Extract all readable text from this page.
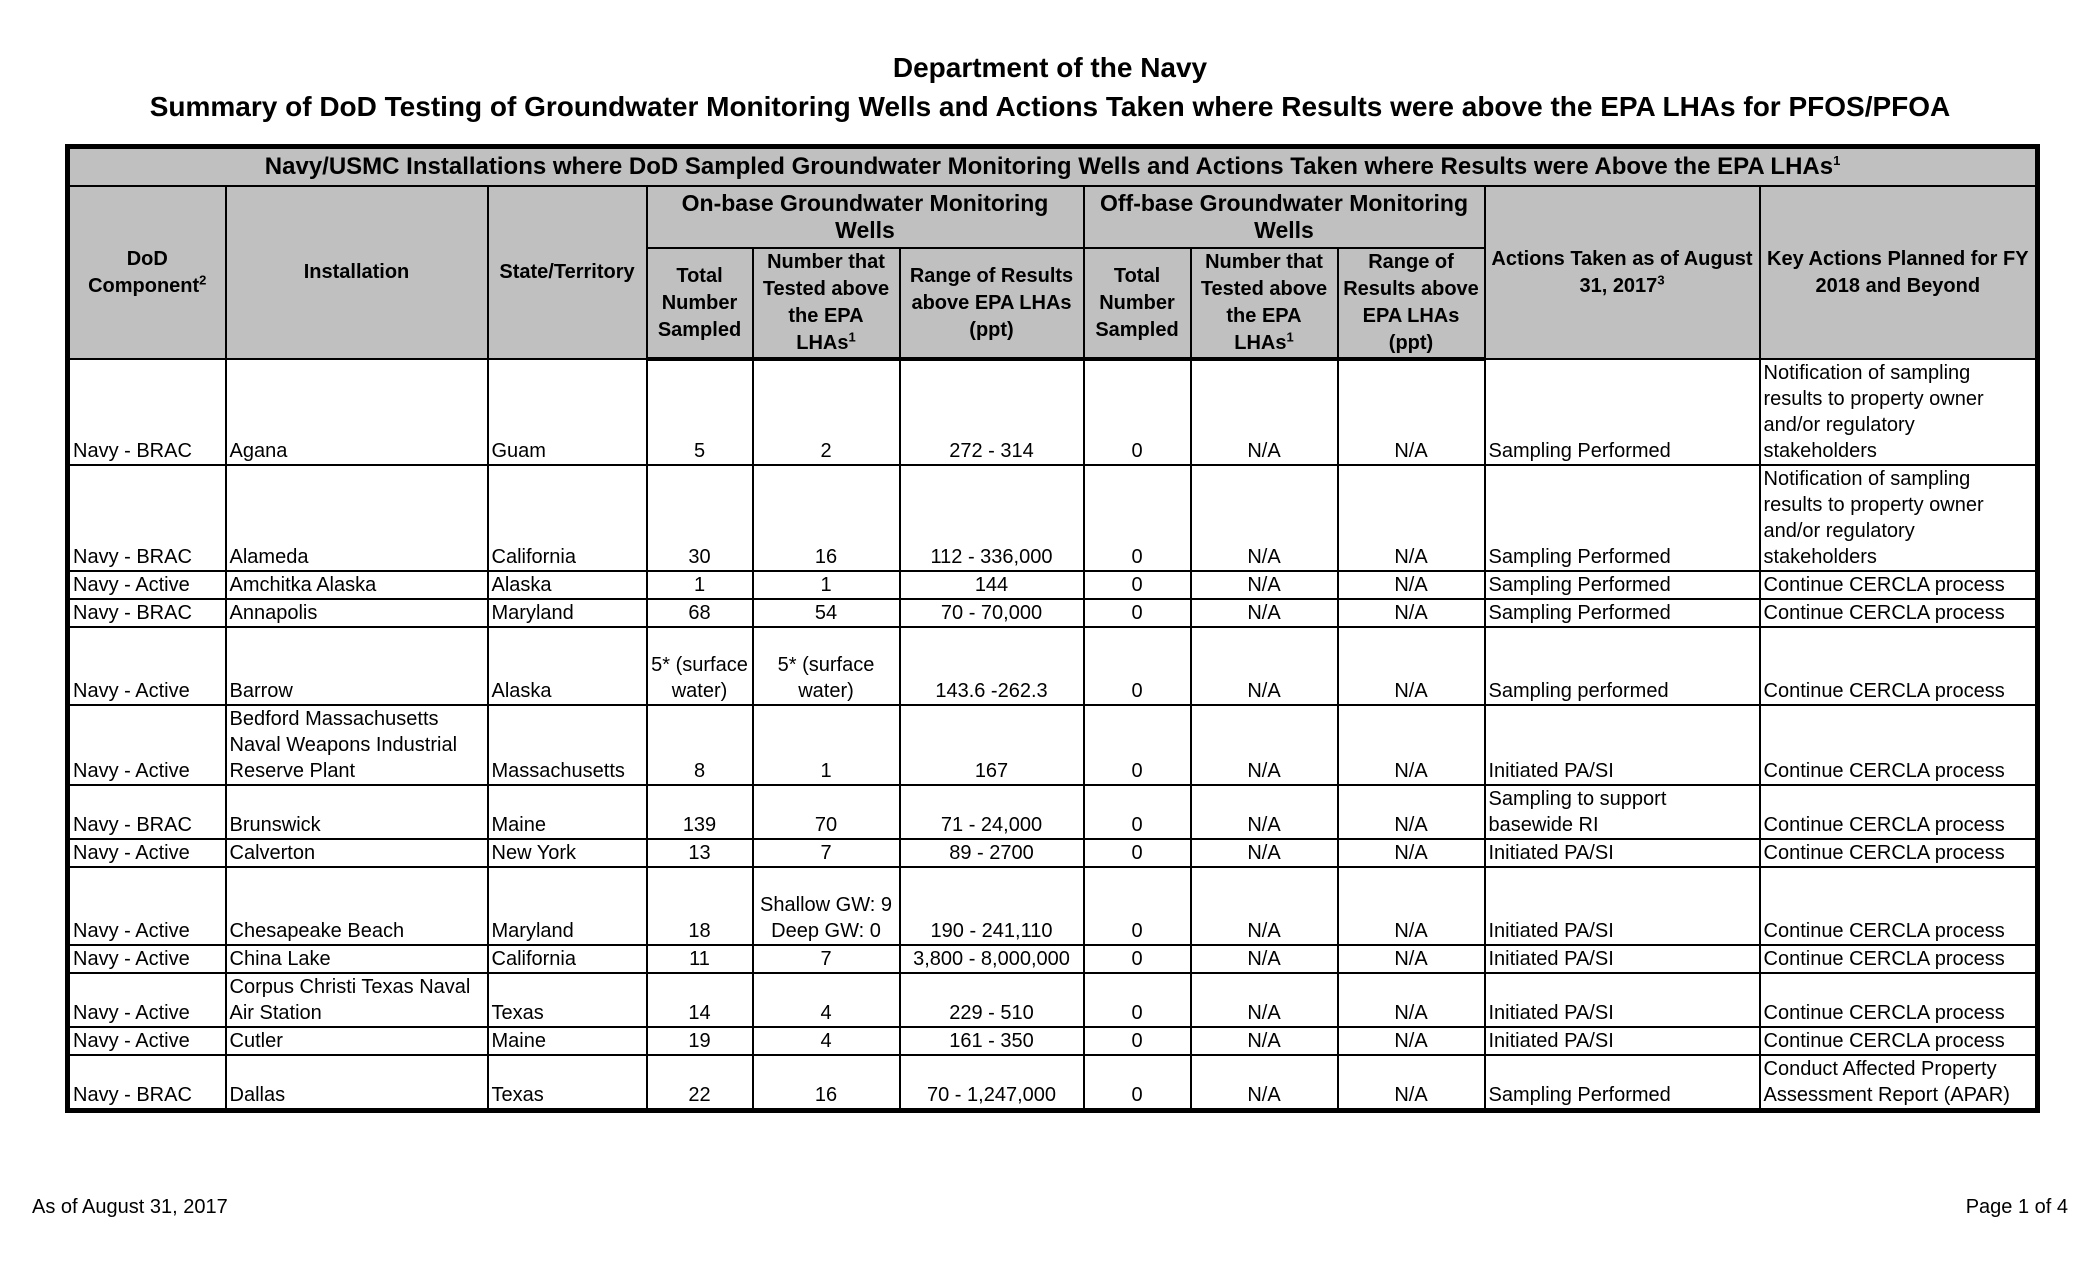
Department of the Navy
Summary of DoD Testing of Groundwater Monitoring Wells and Actions Taken where Results were above the EPA LHAs for PFOS/PFOA
Navy/USMC Installations where DoD Sampled Groundwater Monitoring Wells and Actions Taken where Results were Above the EPA LHAs$^1$
DoD Component$^2$	Installation	State/Territory	On-base Groundwater Monitoring Wells			Off-base Groundwater Monitoring Wells			Actions Taken as of August 31, 2017$^3$	Key Actions Planned for FY 2018 and Beyond
			Total Number Sampled	Number that Tested above the EPA LHAs$^1$	Range of Results above EPA LHAs (ppt)	Total Number Sampled	Number that Tested above the EPA LHAs$^1$	Range of Results above EPA LHAs (ppt)		
Navy - BRAC	Agana	Guam	5	2	272 - 314	0	N/A	N/A	Sampling Performed	Notification of sampling results to property owner and/or regulatory stakeholders
Navy - BRAC	Alameda	California	30	16	112 - 336,000	0	N/A	N/A	Sampling Performed	Notification of sampling results to property owner and/or regulatory stakeholders
Navy - Active	Amchitka Alaska	Alaska	1	1	144	0	N/A	N/A	Sampling Performed	Continue CERCLA process
Navy - BRAC	Annapolis	Maryland	68	54	70 - 70,000	0	N/A	N/A	Sampling Performed	Continue CERCLA process
Navy - Active	Barrow	Alaska	5* (surface water)	5* (surface water)	143.6 -262.3	0	N/A	N/A	Sampling performed	Continue CERCLA process
Navy - Active	Bedford Massachusetts Naval Weapons Industrial Reserve Plant	Massachusetts	8	1	167	0	N/A	N/A	Initiated PA/SI	Continue CERCLA process
Navy - BRAC	Brunswick	Maine	139	70	71 - 24,000	0	N/A	N/A	Sampling to support basewide RI	Continue CERCLA process
Navy - Active	Calverton	New York	13	7	89 - 2700	0	N/A	N/A	Initiated PA/SI	Continue CERCLA process
Navy - Active	Chesapeake Beach	Maryland	18	Shallow GW: 9 Deep GW: 0	190 - 241,110	0	N/A	N/A	Initiated PA/SI	Continue CERCLA process
Navy - Active	China Lake	California	11	7	3,800 - 8,000,000	0	N/A	N/A	Initiated PA/SI	Continue CERCLA process
Navy - Active	Corpus Christi Texas Naval Air Station	Texas	14	4	229 - 510	0	N/A	N/A	Initiated PA/SI	Continue CERCLA process
Navy - Active	Cutler	Maine	19	4	161 - 350	0	N/A	N/A	Initiated PA/SI	Continue CERCLA process
Navy - BRAC	Dallas	Texas	22	16	70 - 1,247,000	0	N/A	N/A	Sampling Performed	Conduct Affected Property Assessment Report (APAR)
As of August 31, 2017	Page 1 of 4
